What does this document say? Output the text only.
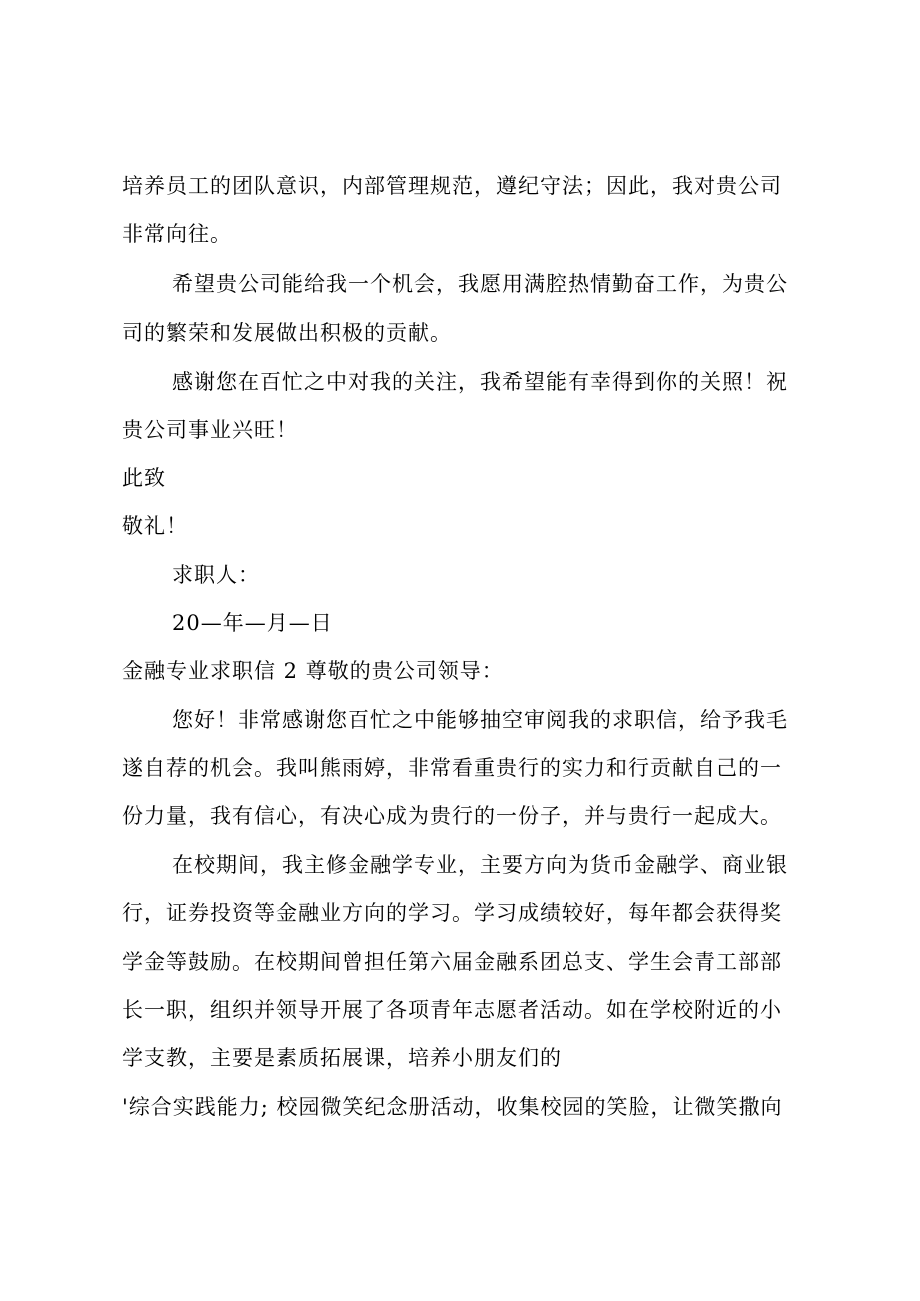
培养员工的团队意识，内部管理规范，遵纪守法；因此，我对贵公司
非常向往。
希望贵公司能给我一个机会，我愿用满腔热情勤奋工作，为贵公
司的繁荣和发展做出积极的贡献。
感谢您在百忙之中对我的关注，我希望能有幸得到你的关照！祝
贵公司事业兴旺！
此致
敬礼！
求职人：
20—年—月—日
金融专业求职信 2 尊敬的贵公司领导：
您好！非常感谢您百忙之中能够抽空审阅我的求职信，给予我毛
遂自荐的机会。我叫熊雨婷，非常看重贵行的实力和行贡献自己的一
份力量，我有信心，有决心成为贵行的一份子，并与贵行一起成大。
在校期间，我主修金融学专业，主要方向为货币金融学、商业银
行，证券投资等金融业方向的学习。学习成绩较好，每年都会获得奖
学金等鼓励。在校期间曾担任第六届金融系团总支、学生会青工部部
长一职，组织并领导开展了各项青年志愿者活动。如在学校附近的小
学支教，主要是素质拓展课，培养小朋友们的
'综合实践能力; 校园微笑纪念册活动，收集校园的笑脸，让微笑撒向
